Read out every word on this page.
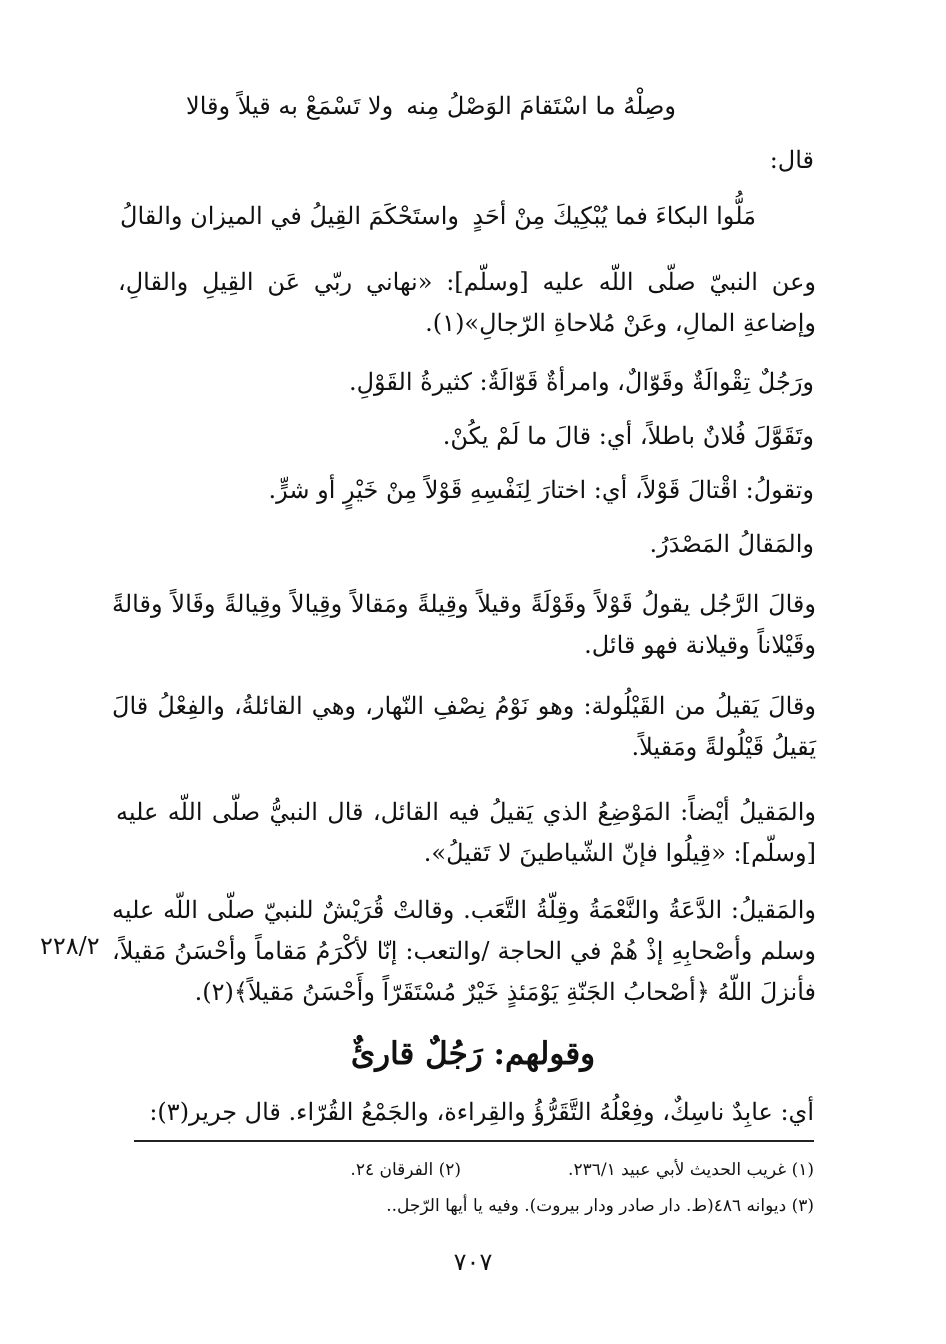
وصِلْهُ ما اسْتَقامَ الوَصْلُ مِنه
ولا تَسْمَعْ به قيلاً وقالا
قال:
مَلُّوا البكاءَ فما يُبْكِيكَ مِنْ أحَدٍ
واستَحْكَمَ القِيلُ في الميزان والقالُ
وعن النبيّ صلّى اللّه عليه [وسلّم]: «نهاني ربّي عَن القِيلِ والقالِ، وإضاعةِ المالِ، وعَنْ مُلاحاةِ الرّجالِ»(١).
ورَجُلٌ تِقْوالَةٌ وقَوّالٌ، وامرأةٌ قَوّالَةٌ: كثيرةُ القَوْلِ.
وتَقَوَّلَ فُلانٌ باطلاً، أي: قالَ ما لَمْ يكُنْ.
وتقولُ: اقْتالَ قَوْلاً، أي: اختارَ لِنَفْسِهِ قَوْلاً مِنْ خَيْرٍ أو شرٍّ.
والمَقالُ المَصْدَرُ.
وقالَ الرَّجُل يقولُ قَوْلاً وقَوْلَةً وقيلاً وقِيلةً ومَقالاً وقِيالاً وقِيالةً وقَالاً وقالةً وقَيْلاناً وقيلانة فهو قائل.
وقالَ يَقيلُ من القَيْلُولة: وهو نَوْمُ نِصْفِ النّهار، وهي القائلةُ، والفِعْلُ قالَ يَقيلُ قَيْلُولةً ومَقيلاً.
والمَقيلُ أيْضاً: المَوْضِعُ الذي يَقيلُ فيه القائل، قال النبيُّ صلّى اللّه عليه [وسلّم]: «قِيلُوا فإنّ الشّياطينَ لا تَقيلُ».
والمَقيلُ: الدَّعَةُ والنَّعْمَةُ وقِلّةُ التَّعَب. وقالتْ قُرَيْشٌ للنبيّ صلّى اللّه عليه وسلم وأصْحابِهِ إذْ هُمْ في الحاجة /والتعب: إنّا لأكْرَمُ مَقاماً وأحْسَنُ مَقيلاً، فأنزلَ اللّهُ ﴿أصْحابُ الجَنّةِ يَوْمَئذٍ خَيْرٌ مُسْتَقَرّاً وأَحْسَنُ مَقيلاً﴾(٢).
٢٢٨/٢
وقولهم: رَجُلٌ قارئٌ
أي: عابِدٌ ناسِكٌ، وفِعْلُهُ التَّقَرُّؤُ والقِراءة، والجَمْعُ القُرّاء. قال جرير(٣):
(١) غريب الحديث لأبي عبيد ٢٣٦/١.
(٢) الفرقان ٢٤.
(٣) ديوانه ٤٨٦(ط. دار صادر ودار بيروت). وفيه يا أيها الرّجل..
٧٠٧
